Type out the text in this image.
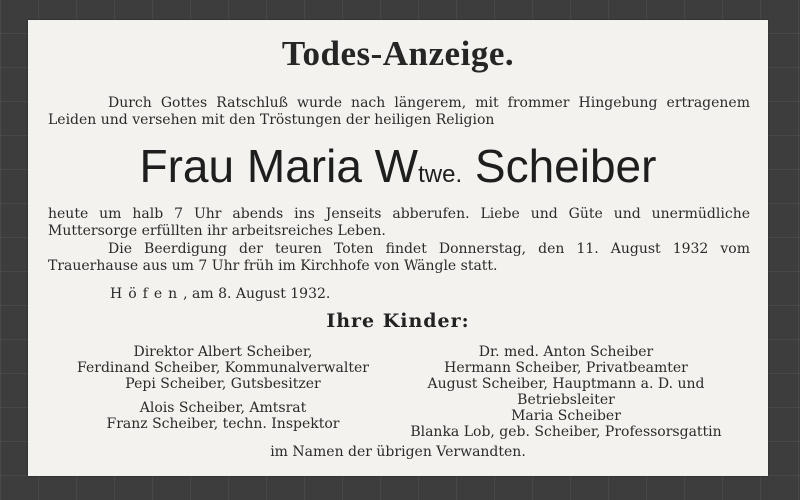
Todes-Anzeige.
Durch Gottes Ratschluß wurde nach längerem, mit frommer Hingebung ertragenem Leiden und versehen mit den Tröstungen der heiligen Religion
Frau Maria Wtwe. Scheiber
heute um halb 7 Uhr abends ins Jenseits abberufen. Liebe und Güte und unermüdliche Muttersorge erfüllten ihr arbeitsreiches Leben.
Die Beerdigung der teuren Toten findet Donnerstag, den 11. August 1932 vom Trauerhause aus um 7 Uhr früh im Kirchhofe von Wängle statt.
Höfen, am 8. August 1932.
Ihre Kinder:
Direktor Albert Scheiber,
Ferdinand Scheiber, Kommunalverwalter
Pepi Scheiber, Gutsbesitzer
Alois Scheiber, Amtsrat
Franz Scheiber, techn. Inspektor
Dr. med. Anton Scheiber
Hermann Scheiber, Privatbeamter
August Scheiber, Hauptmann a. D. und
Betriebsleiter
Maria Scheiber
Blanka Lob, geb. Scheiber, Professorsgattin
im Namen der übrigen Verwandten.
